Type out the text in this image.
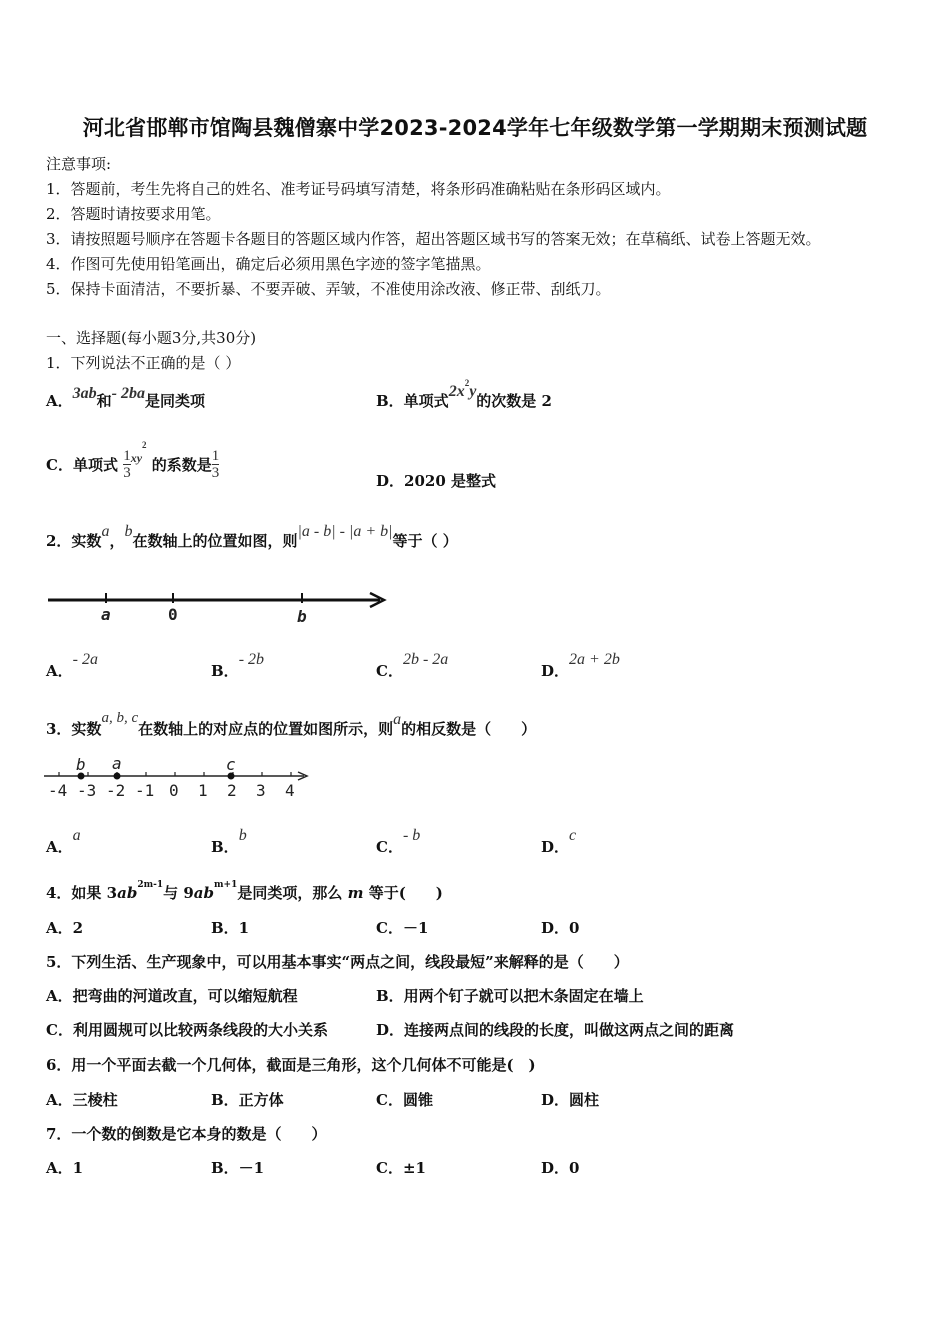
河北省邯郸市馆陶县魏僧寨中学2023-2024学年七年级数学第一学期期末预测试题
注意事项:
1．答题前，考生先将自己的姓名、准考证号码填写清楚，将条形码准确粘贴在条形码区域内。
2．答题时请按要求用笔。
3．请按照题号顺序在答题卡各题目的答题区域内作答，超出答题区域书写的答案无效；在草稿纸、试卷上答题无效。
4．作图可先使用铅笔画出，确定后必须用黑色字迹的签字笔描黑。
5．保持卡面清洁，不要折暴、不要弄破、弄皱，不准使用涂改液、修正带、刮纸刀。
一、选择题(每小题3分,共30分)
1．下列说法不正确的是（ ）
A．3ab和- 2ba是同类项	B．单项式$2x^2y$的次数是 2
C．单项式 $\frac{1}{3} ^{xy^2}$ 的系数是 $\frac{1}{3}$	D．2020 是整式
2．实数a，b在数轴上的位置如图，则|a - b| - |a + b|等于（ ）
a	0	b
A．- 2a
B．- 2b
C．2b - 2a
D．2a + 2b
3．实数a, b, c在数轴上的对应点的位置如图所示，则a的相反数是（　　）
b a	c
-4 -3 -2 -1 0 1 2 3 4
A．a
B．b
C．- b
D．c
4．如果 $3ab^{2m-1}$与 $9ab^{m+1}$是同类项，那么 m 等于(　　)
A．2	B．1	C．－1	D．0
5．下列生活、生产现象中，可以用基本事实“两点之间，线段最短”来解释的是（　　）
A．把弯曲的河道改直，可以缩短航程	B．用两个钉子就可以把木条固定在墙上
C．利用圆规可以比较两条线段的大小关系	D．连接两点间的线段的长度，叫做这两点之间的距离
6．用一个平面去截一个几何体，截面是三角形，这个几何体不可能是(　)
A．三棱柱	B．正方体	C．圆锥	D．圆柱
7．一个数的倒数是它本身的数是（　　）
A．1	B．－1	C．±1	D．0
